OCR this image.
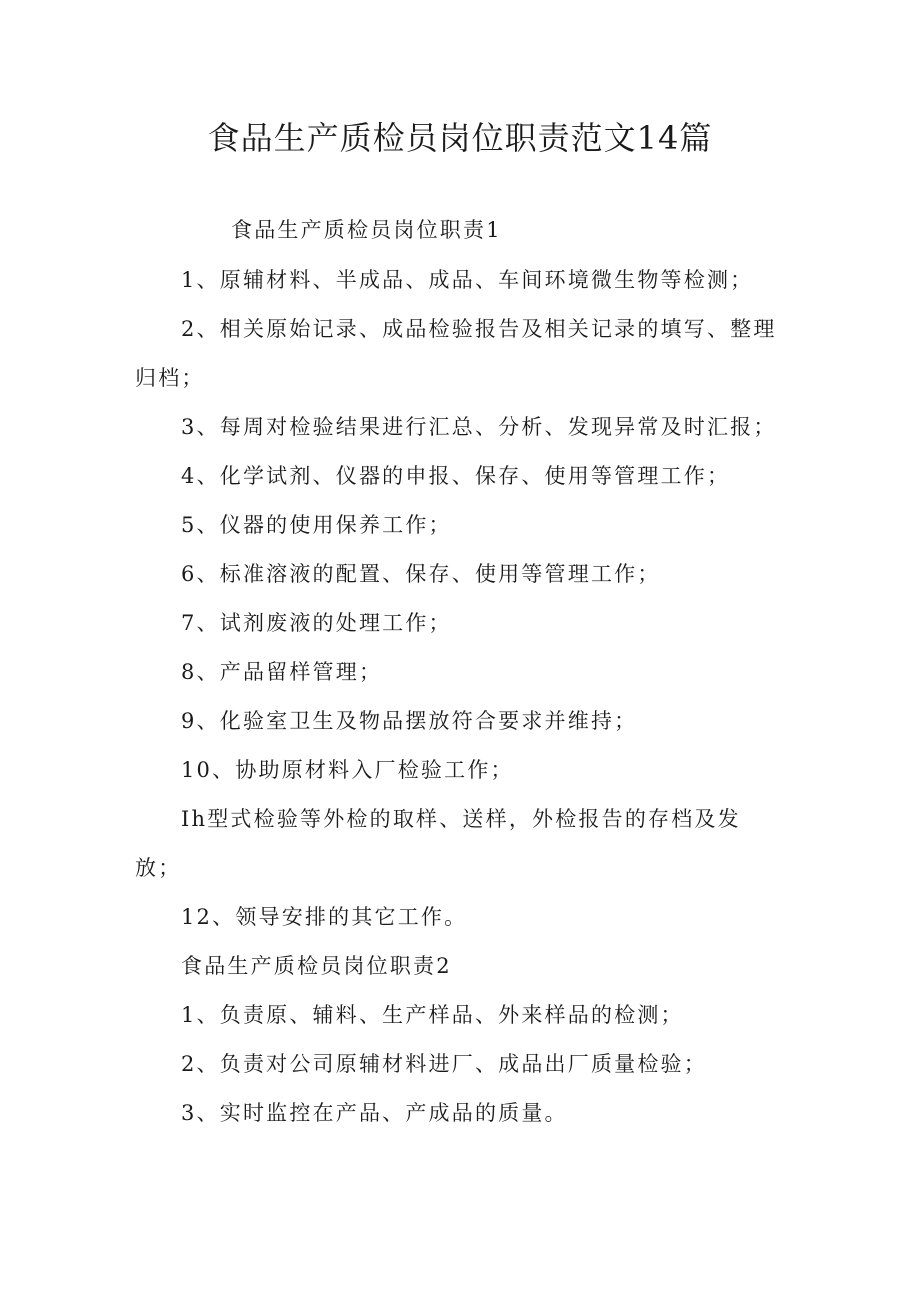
食品生产质检员岗位职责范文14篇

食品生产质检员岗位职责1

1、原辅材料、半成品、成品、车间环境微生物等检测；

2、相关原始记录、成品检验报告及相关记录的填写、整理归档；

3、每周对检验结果进行汇总、分析、发现异常及时汇报；

4、化学试剂、仪器的申报、保存、使用等管理工作；

5、仪器的使用保养工作；

6、标准溶液的配置、保存、使用等管理工作；

7、试剂废液的处理工作；

8、产品留样管理；

9、化验室卫生及物品摆放符合要求并维持；

10、协助原材料入厂检验工作；

Ih型式检验等外检的取样、送样，外检报告的存档及发放；

12、领导安排的其它工作。

食品生产质检员岗位职责2

1、负责原、辅料、生产样品、外来样品的检测；

2、负责对公司原辅材料进厂、成品出厂质量检验；

3、实时监控在产品、产成品的质量。
